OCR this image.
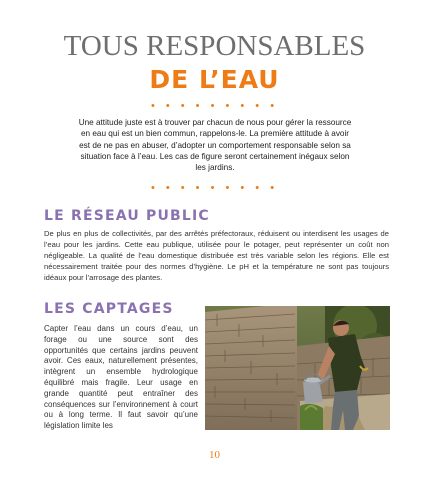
TOUS RESPONSABLES
DE L’EAU
• • • • • • • • •
Une attitude juste est à trouver par chacun de nous pour gérer la ressource en eau qui est un bien commun, rappelons-le. La première attitude à avoir est de ne pas en abuser, d’adopter un comportement responsable selon sa situation face à l’eau. Les cas de figure seront certainement inégaux selon les jardins.
• • • • • • • • •
LE RÉSEAU PUBLIC
De plus en plus de collectivités, par des arrêtés préfectoraux, réduisent ou interdisent les usages de l’eau pour les jardins. Cette eau publique, utilisée pour le potager, peut représenter un coût non négligeable. La qualité de l’eau domestique distribuée est très variable selon les régions. Elle est nécessairement traitée pour des normes d’hygiène. Le pH et la température ne sont pas toujours idéaux pour l’arrosage des plantes.
LES CAPTAGES
Capter l’eau dans un cours d’eau, un forage ou une source sont des opportunités que certains jardins peuvent avoir. Ces eaux, naturellement présentes, intègrent un ensemble hydrologique équilibré mais fragile. Leur usage en grande quantité peut entraîner des conséquences sur l’environnement à court ou à long terme. Il faut savoir qu’une législation limite les
10
